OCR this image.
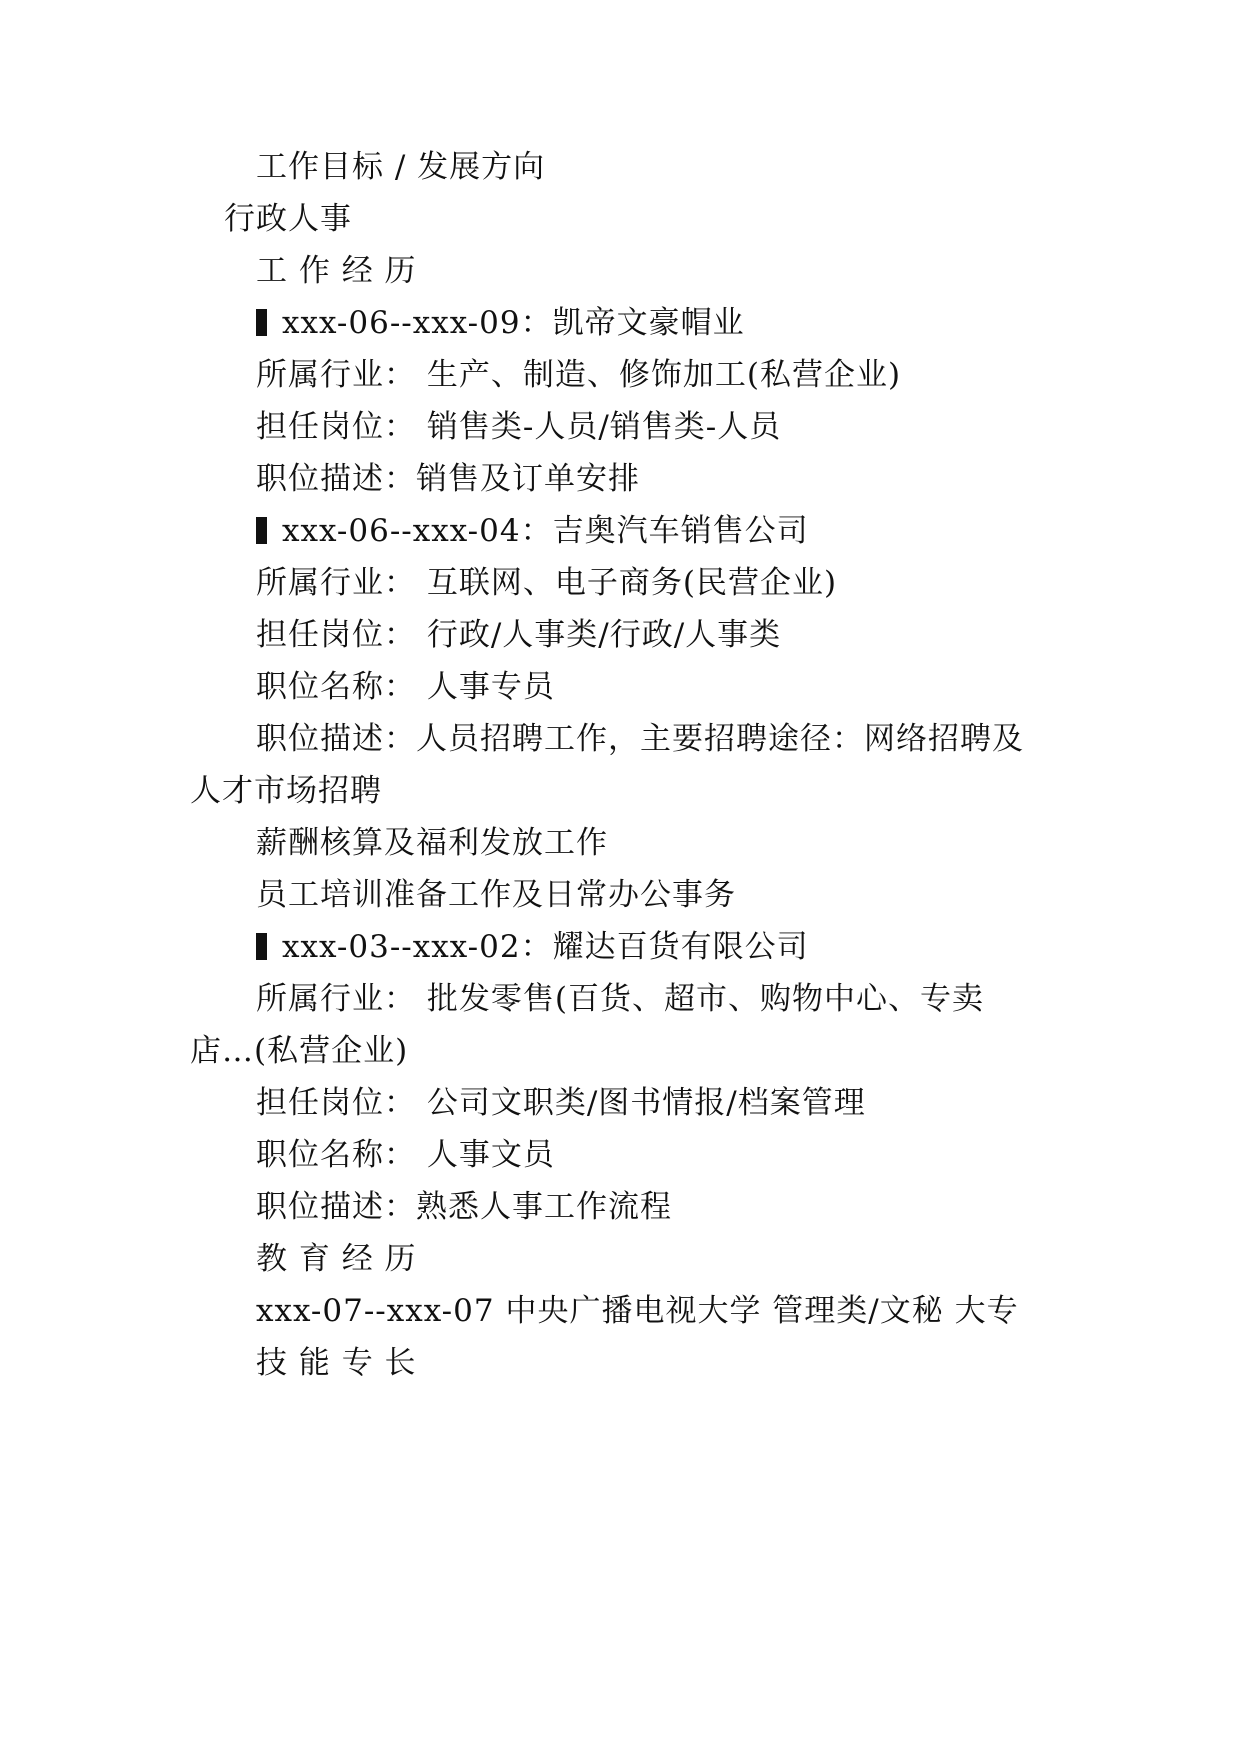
工作目标 / 发展方向
行政人事
工 作 经 历
xxx-06--xxx-09：凯帝文豪帽业
所属行业： 生产、制造、修饰加工(私营企业)
担任岗位： 销售类-人员/销售类-人员
职位描述：销售及订单安排
xxx-06--xxx-04：吉奥汽车销售公司
所属行业： 互联网、电子商务(民营企业)
担任岗位： 行政/人事类/行政/人事类
职位名称： 人事专员
职位描述：人员招聘工作，主要招聘途径：网络招聘及
人才市场招聘
薪酬核算及福利发放工作
员工培训准备工作及日常办公事务
xxx-03--xxx-02：耀达百货有限公司
所属行业： 批发零售(百货、超市、购物中心、专卖
店…(私营企业)
担任岗位： 公司文职类/图书情报/档案管理
职位名称： 人事文员
职位描述：熟悉人事工作流程
教 育 经 历
xxx-07--xxx-07 中央广播电视大学 管理类/文秘 大专
技 能 专 长
